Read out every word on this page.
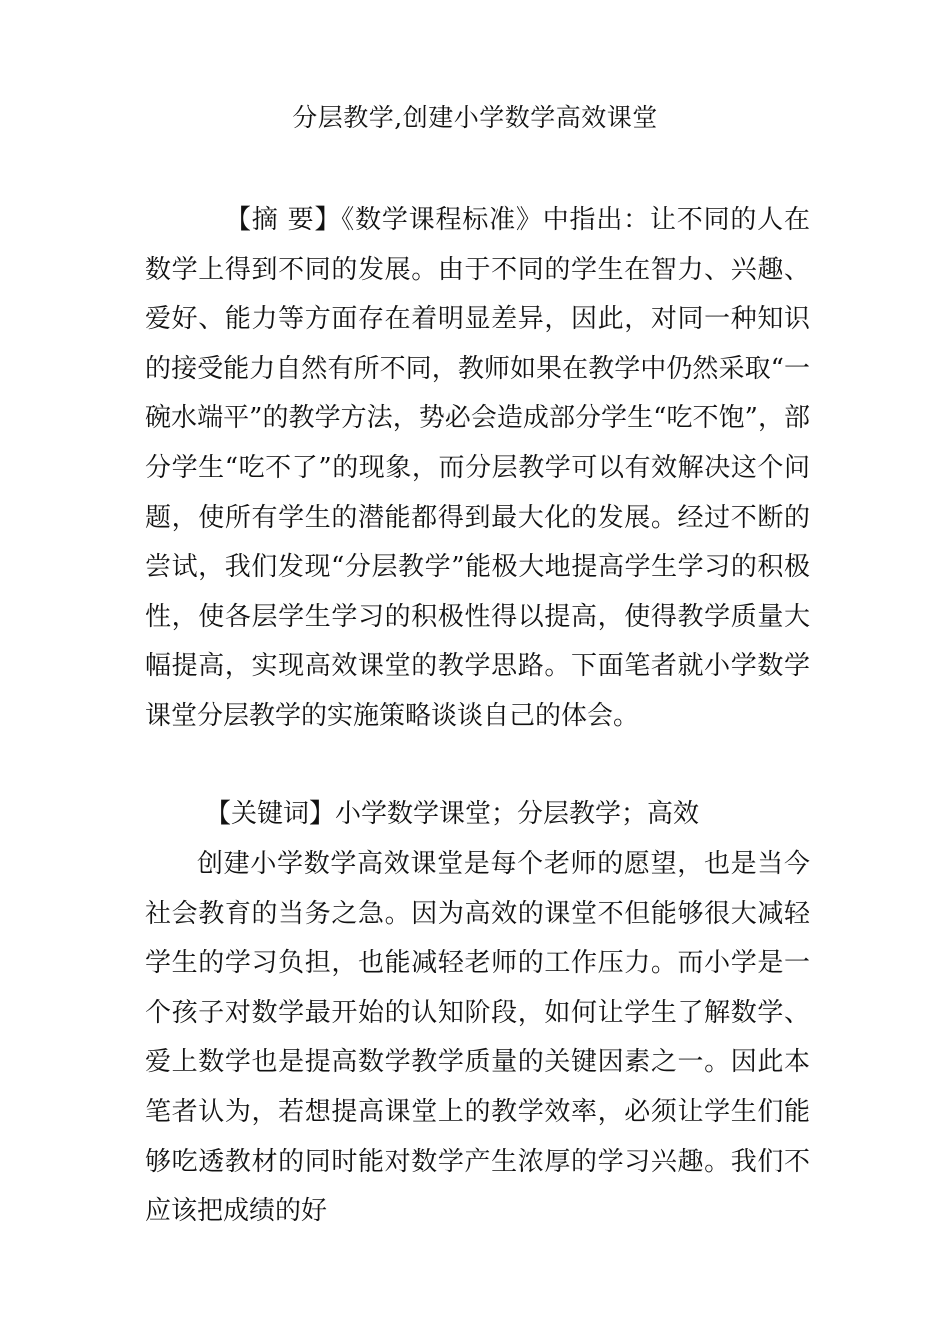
分层教学,创建小学数学高效课堂
【摘 要】《数学课程标准》中指出：让不同的人在数学上得到不同的发展。由于不同的学生在智力、兴趣、爱好、能力等方面存在着明显差异，因此，对同一种知识的接受能力自然有所不同，教师如果在教学中仍然采取“一碗水端平”的教学方法，势必会造成部分学生“吃不饱”，部分学生“吃不了”的现象，而分层教学可以有效解决这个问题，使所有学生的潜能都得到最大化的发展。经过不断的尝试，我们发现“分层教学”能极大地提高学生学习的积极性，使各层学生学习的积极性得以提高，使得教学质量大幅提高，实现高效课堂的教学思路。下面笔者就小学数学课堂分层教学的实施策略谈谈自己的体会。
【关键词】小学数学课堂；分层教学；高效
创建小学数学高效课堂是每个老师的愿望，也是当今社会教育的当务之急。因为高效的课堂不但能够很大减轻学生的学习负担，也能减轻老师的工作压力。而小学是一个孩子对数学最开始的认知阶段，如何让学生了解数学、爱上数学也是提高数学教学质量的关键因素之一。因此本笔者认为，若想提高课堂上的教学效率，必须让学生们能够吃透教材的同时能对数学产生浓厚的学习兴趣。我们不应该把成绩的好
